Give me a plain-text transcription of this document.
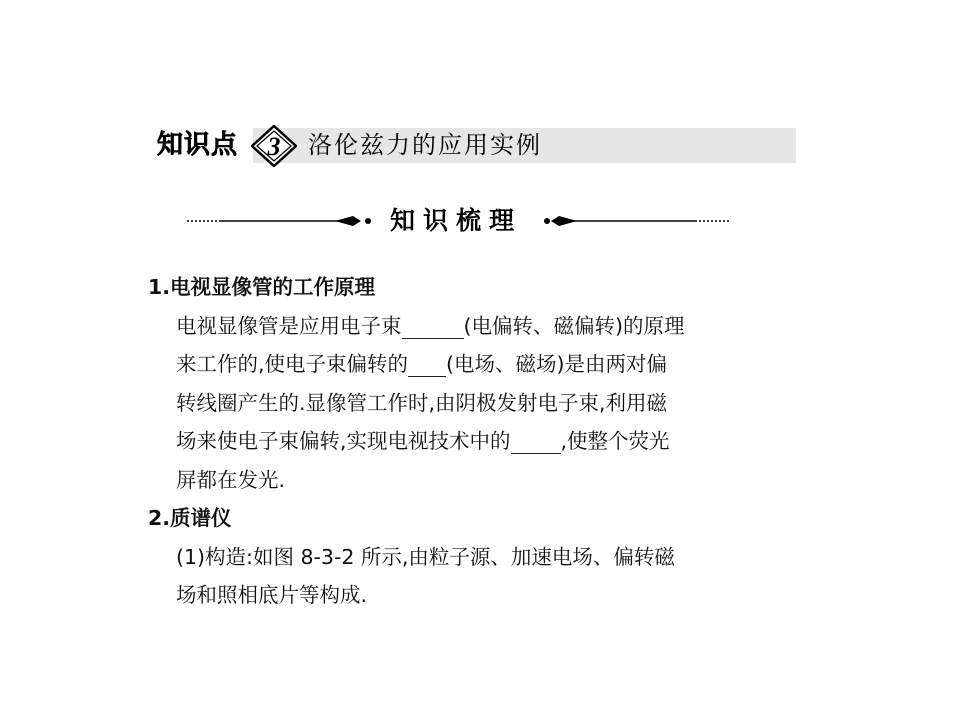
知识点	3 洛伦兹力的应用实例
知识梳理

1.电视显像管的工作原理

电视显像管是应用电子束	(电偏转、磁偏转)的原理

来工作的,使电子束偏转的 (电场、磁场)是由两对偏

转线圈产生的.显像管工作时,由阴极发射电子束,利用磁

场来使电子束偏转,实现电视技术中的 ,使整个荧光

屏都在发光.

2.质谱仪

(1)构造:如图 8-3-2 所示,由粒子源、加速电场、偏转磁

场和照相底片等构成.
